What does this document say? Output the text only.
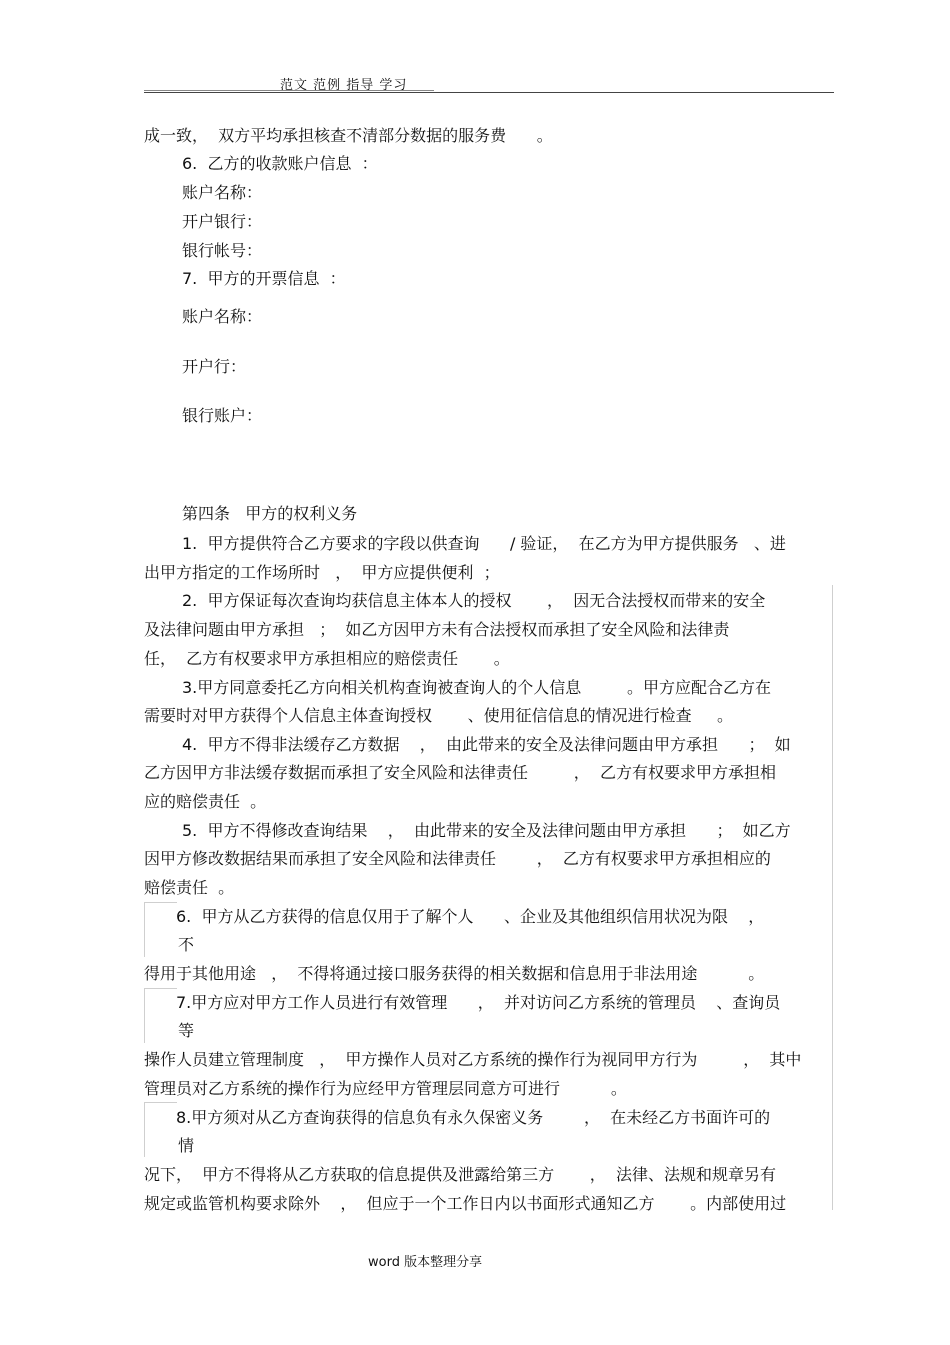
范文 范例 指导 学习
成一致，  双方平均承担核查不清部分数据的服务费      。
6.  乙方的收款账户信息  ：
账户名称：
开户银行：
银行帐号：
7.  甲方的开票信息  ：
账户名称：
开户行：
银行账户：
第四条   甲方的权利义务
1.  甲方提供符合乙方要求的字段以供查询      / 验证，  在乙方为甲方提供服务   、进
出甲方指定的工作场所时   ，  甲方应提供便利  ；
2.  甲方保证每次查询均获信息主体本人的授权       ，  因无合法授权而带来的安全
及法律问题由甲方承担   ；  如乙方因甲方未有合法授权而承担了安全风险和法律责
任，  乙方有权要求甲方承担相应的赔偿责任       。
3.甲方同意委托乙方向相关机构查询被查询人的个人信息         。甲方应配合乙方在
需要时对甲方获得个人信息主体查询授权       、使用征信信息的情况进行检查     。
4.  甲方不得非法缓存乙方数据    ，  由此带来的安全及法律问题由甲方承担      ；  如
乙方因甲方非法缓存数据而承担了安全风险和法律责任         ，  乙方有权要求甲方承担相
应的赔偿责任  。
5.  甲方不得修改查询结果    ，  由此带来的安全及法律问题由甲方承担      ；  如乙方
因甲方修改数据结果而承担了安全风险和法律责任        ，  乙方有权要求甲方承担相应的
赔偿责任  。
6.  甲方从乙方获得的信息仅用于了解个人      、企业及其他组织信用状况为限    ，
不
得用于其他用途   ，  不得将通过接口服务获得的相关数据和信息用于非法用途          。
7.甲方应对甲方工作人员进行有效管理      ，  并对访问乙方系统的管理员    、查询员
等
操作人员建立管理制度   ，  甲方操作人员对乙方系统的操作行为视同甲方行为         ，  其中
管理员对乙方系统的操作行为应经甲方管理层同意方可进行          。
8.甲方须对从乙方查询获得的信息负有永久保密义务        ，  在未经乙方书面许可的
情
况下，  甲方不得将从乙方获取的信息提供及泄露给第三方       ，  法律、法规和规章另有
规定或监管机构要求除外    ，  但应于一个工作日内以书面形式通知乙方       。内部使用过
word 版本整理分享
